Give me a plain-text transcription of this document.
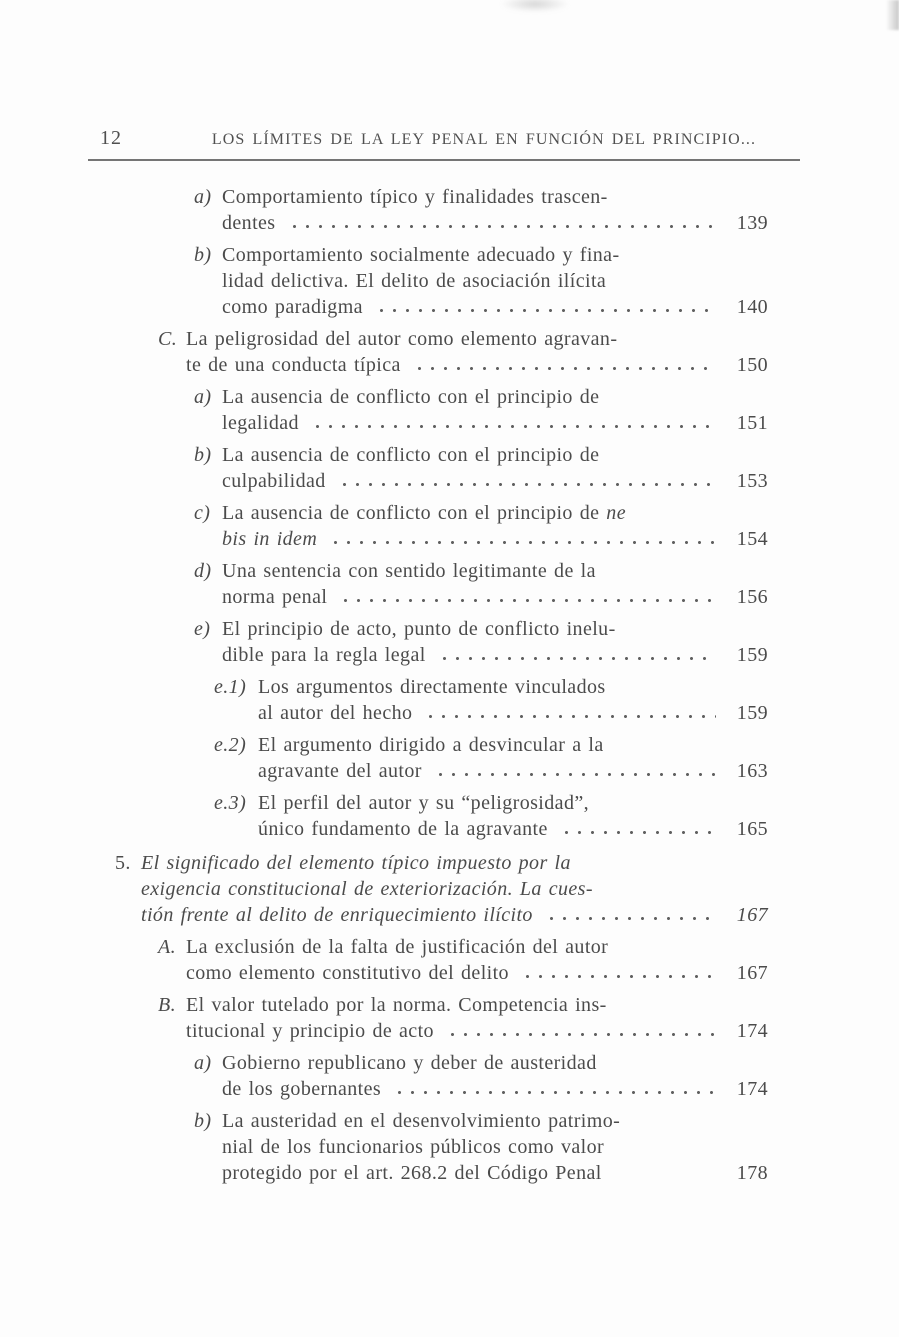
12	LOS LÍMITES DE LA LEY PENAL EN FUNCIÓN DEL PRINCIPIO...
a) Comportamiento típico y finalidades trascen-
dentes	139
b) Comportamiento socialmente adecuado y fina-
lidad delictiva. El delito de asociación ilícita
como paradigma	140
C. La peligrosidad del autor como elemento agravan-
te de una conducta típica	150
a) La ausencia de conflicto con el principio de
legalidad	151
b) La ausencia de conflicto con el principio de
culpabilidad	153
c) La ausencia de conflicto con el principio de ne
bis in idem	154
d) Una sentencia con sentido legitimante de la
norma penal	156
e) El principio de acto, punto de conflicto inelu-
dible para la regla legal	159
e.1) Los argumentos directamente vinculados
al autor del hecho	159
e.2) El argumento dirigido a desvincular a la
agravante del autor	163
e.3) El perfil del autor y su “peligrosidad”,
único fundamento de la agravante	165
5. El significado del elemento típico impuesto por la
exigencia constitucional de exteriorización. La cues-
tión frente al delito de enriquecimiento ilícito	167
A. La exclusión de la falta de justificación del autor
como elemento constitutivo del delito	167
B. El valor tutelado por la norma. Competencia ins-
titucional y principio de acto	174
a) Gobierno republicano y deber de austeridad
de los gobernantes	174
b) La austeridad en el desenvolvimiento patrimo-
nial de los funcionarios públicos como valor
protegido por el art. 268.2 del Código Penal	178
